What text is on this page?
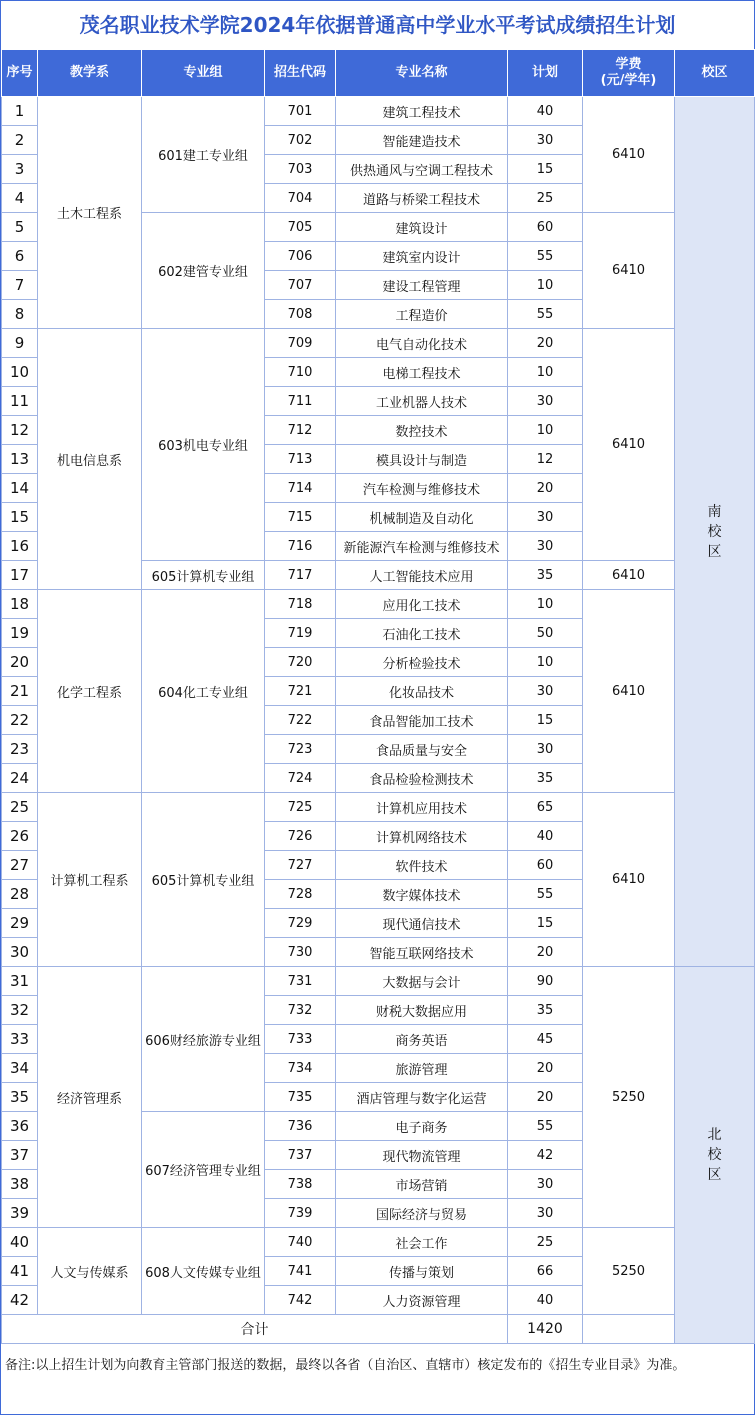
茂名职业技术学院2024年依据普通高中学业水平考试成绩招生计划
序号	教学系	专业组	招生代码	专业名称	计划	学费
(元/学年)	校区
1	土木工程系	601建工专业组	701	建筑工程技术	40	6410	南
校
区
2			702	智能建造技术	30		
3			703	供热通风与空调工程技术	15		
4			704	道路与桥梁工程技术	25		
5		602建管专业组	705	建筑设计	60	6410	
6			706	建筑室内设计	55		
7			707	建设工程管理	10		
8			708	工程造价	55		
9	机电信息系	603机电专业组	709	电气自动化技术	20	6410	
10			710	电梯工程技术	10		
11			711	工业机器人技术	30		
12			712	数控技术	10		
13			713	模具设计与制造	12		
14			714	汽车检测与维修技术	20		
15			715	机械制造及自动化	30		
16			716	新能源汽车检测与维修技术	30		
17		605计算机专业组	717	人工智能技术应用	35	6410	
18	化学工程系	604化工专业组	718	应用化工技术	10	6410	
19			719	石油化工技术	50		
20			720	分析检验技术	10		
21			721	化妆品技术	30		
22			722	食品智能加工技术	15		
23			723	食品质量与安全	30		
24			724	食品检验检测技术	35		
25	计算机工程系	605计算机专业组	725	计算机应用技术	65	6410	
26			726	计算机网络技术	40		
27			727	软件技术	60		
28			728	数字媒体技术	55		
29			729	现代通信技术	15		
30			730	智能互联网络技术	20		
31	经济管理系	606财经旅游专业组	731	大数据与会计	90	5250	北
校
区
32			732	财税大数据应用	35		
33			733	商务英语	45		
34			734	旅游管理	20		
35			735	酒店管理与数字化运营	20		
36		607经济管理专业组	736	电子商务	55		
37			737	现代物流管理	42		
38			738	市场营销	30		
39			739	国际经济与贸易	30		
40	人文与传媒系	608人文传媒专业组	740	社会工作	25	5250	
41			741	传播与策划	66		
42			742	人力资源管理	40		
合计					1420		
备注:以上招生计划为向教育主管部门报送的数据，最终以各省（自治区、直辖市）核定发布的《招生专业目录》为准。
